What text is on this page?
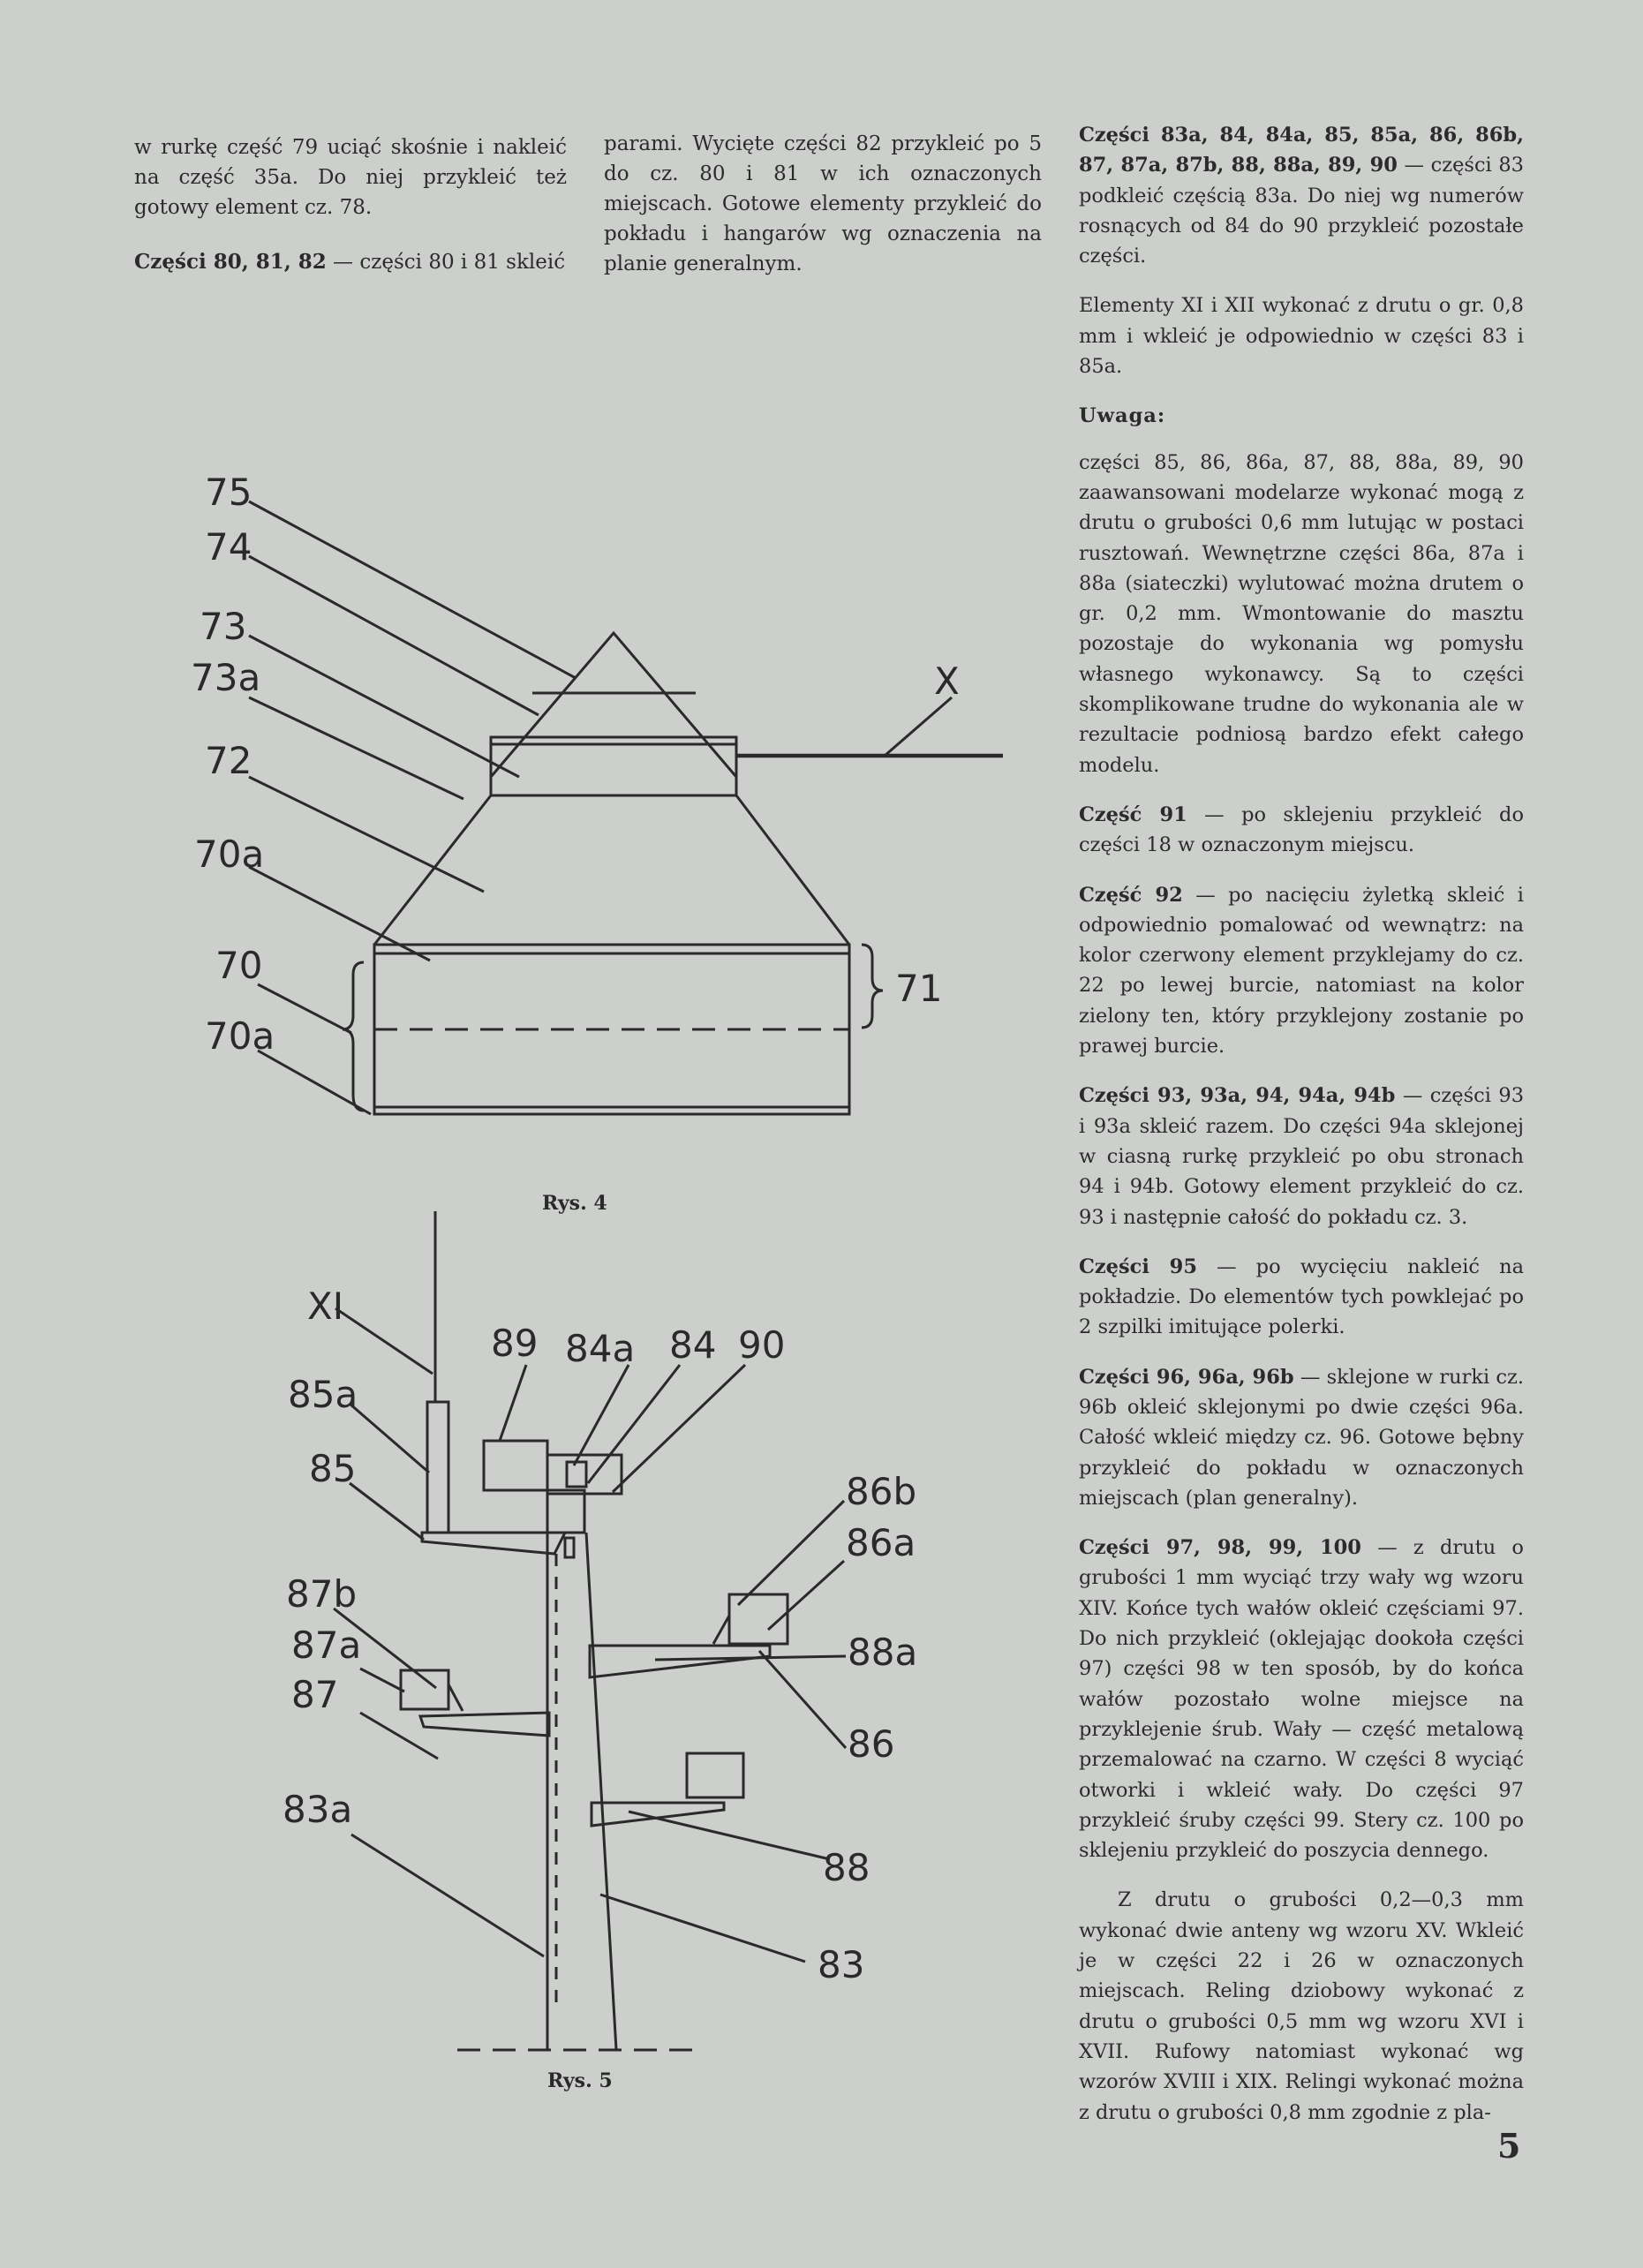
w rurkę część 79 uciąć skośnie i nakleić na część 35a. Do niej przykleić też gotowy element cz. 78.

Części 80, 81, 82 — części 80 i 81 skleić

parami. Wycięte części 82 przykleić po 5 do cz. 80 i 81 w ich oznaczonych miejscach. Gotowe elementy przykleić do pokładu i hangarów wg oznaczenia na planie generalnym.

Części 83a, 84, 84a, 85, 85a, 86, 86b, 87, 87a, 87b, 88, 88a, 89, 90 — części 83 podkleić częścią 83a. Do niej wg numerów rosnących od 84 do 90 przykleić pozostałe części.

Elementy XI i XII wykonać z drutu o gr. 0,8 mm i wkleić je odpowiednio w części 83 i 85a.

Uwaga:

części 85, 86, 86a, 87, 88, 88a, 89, 90 zaawansowani modelarze wykonać mogą z drutu o grubości 0,6 mm lutując w postaci rusztowań. Wewnętrzne części 86a, 87a i 88a (siateczki) wylutować można drutem o gr. 0,2 mm. Wmontowanie do masztu pozostaje do wykonania wg pomysłu własnego wykonawcy. Są to części skomplikowane trudne do wykonania ale w rezultacie podniosą bardzo efekt całego modelu.

Część 91 — po sklejeniu przykleić do części 18 w oznaczonym miejscu.

Część 92 — po nacięciu żyletką skleić i odpowiednio pomalować od wewnątrz: na kolor czerwony element przyklejamy do cz. 22 po lewej burcie, natomiast na kolor zielony ten, który przyklejony zostanie po prawej burcie.

Części 93, 93a, 94, 94a, 94b — części 93 i 93a skleić razem. Do części 94a sklejonej w ciasną rurkę przykleić po obu stronach 94 i 94b. Gotowy element przykleić do cz. 93 i następnie całość do pokładu cz. 3.

Części 95 — po wycięciu nakleić na pokładzie. Do elementów tych powklejać po 2 szpilki imitujące polerki.

Części 96, 96a, 96b — sklejone w rurki cz. 96b okleić sklejonymi po dwie części 96a. Całość wkleić między cz. 96. Gotowe bębny przykleić do pokładu w oznaczonych miejscach (plan generalny).

Części 97, 98, 99, 100 — z drutu o grubości 1 mm wyciąć trzy wały wg wzoru XIV. Końce tych wałów okleić częściami 97. Do nich przykleić (oklejając dookoła części 97) części 98 w ten sposób, by do końca wałów pozostało wolne miejsce na przyklejenie śrub. Wały — część metalową przemalować na czarno. W części 8 wyciąć otworki i wkleić wały. Do części 97 przykleić śruby części 99. Stery cz. 100 po sklejeniu przykleić do poszycia dennego.

Z drutu o grubości 0,2—0,3 mm wykonać dwie anteny wg wzoru XV. Wkleić je w części 22 i 26 w oznaczonych miejscach. Reling dziobowy wykonać z drutu o grubości 0,5 mm wg wzoru XVI i XVII. Rufowy natomiast wykonać wg wzorów XVIII i XIX. Relingi wykonać można z drutu o grubości 0,8 mm zgodnie z pla-

75
74
73
73a
72
70a
70
70a
71
X
Rys. 4
XI
85a
85
89 84a 84 90
86b
86a
88a
86
88
83
87b
87a
87
83a
Rys. 5
5
